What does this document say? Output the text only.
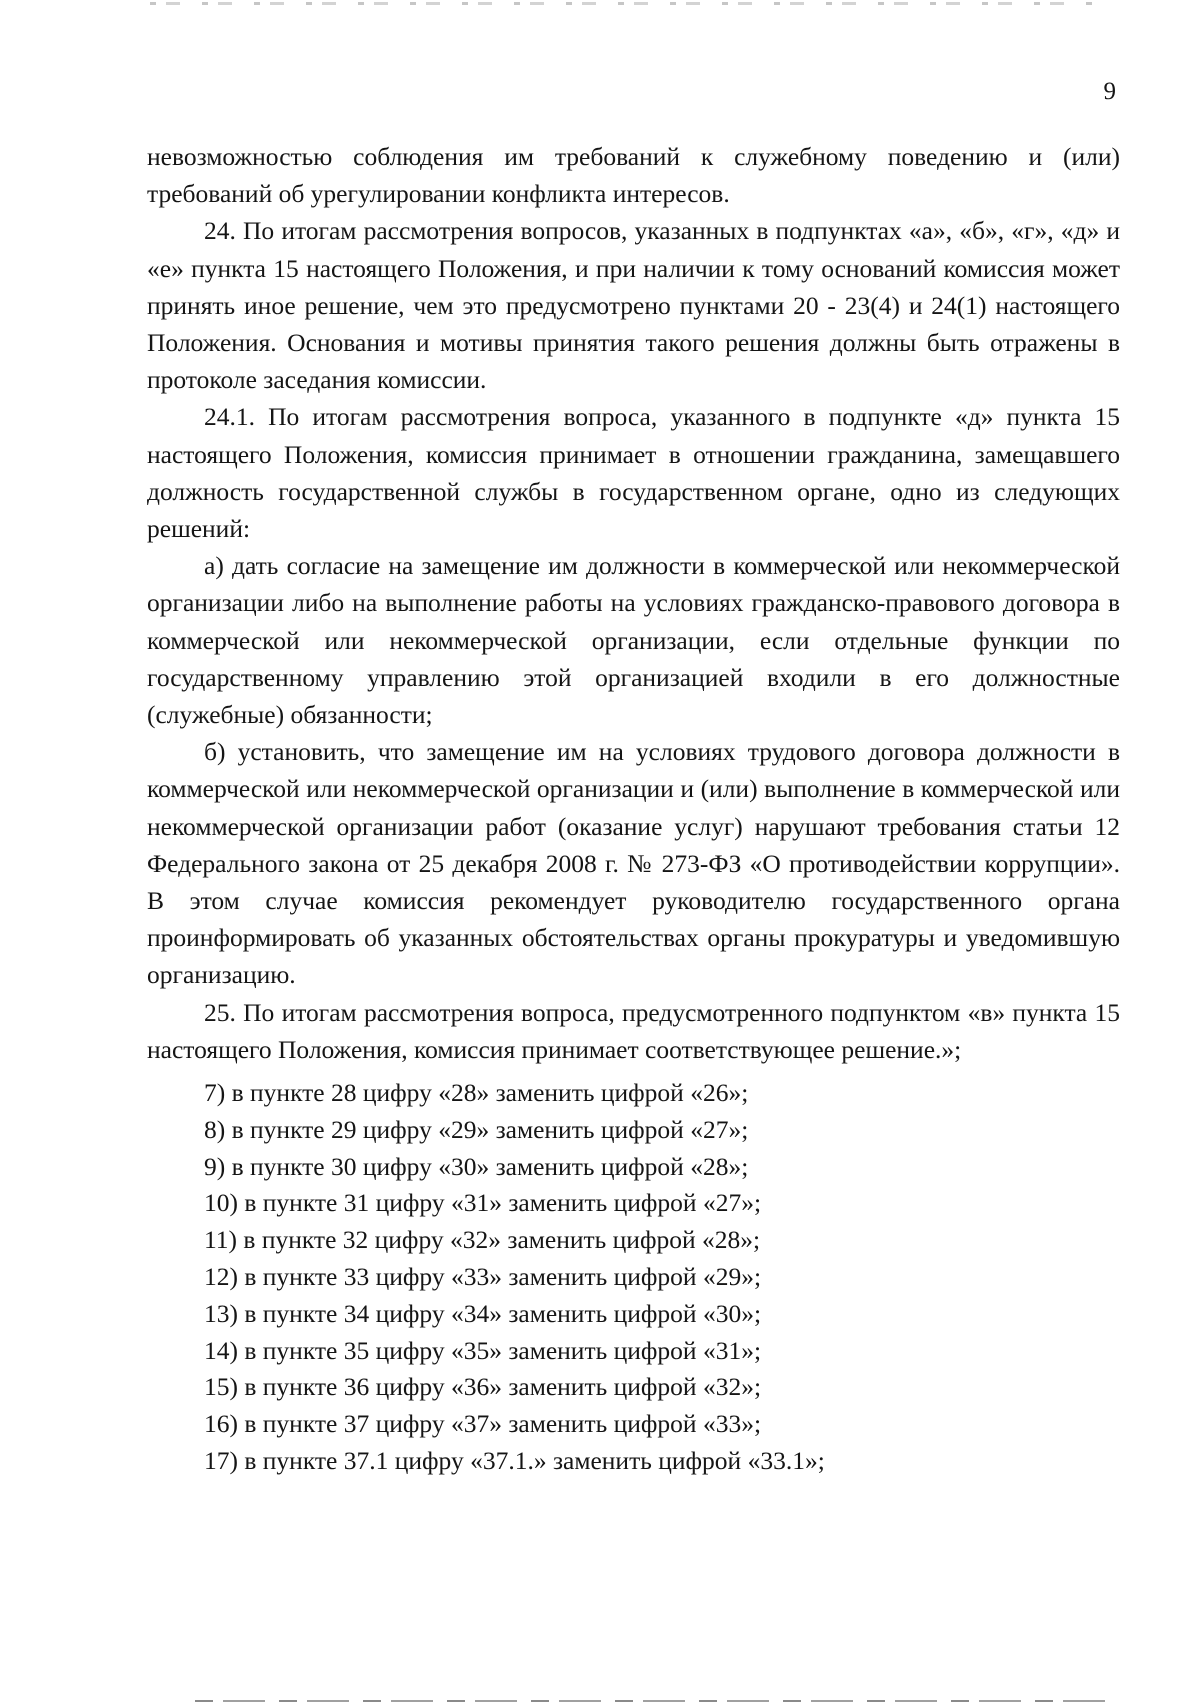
9

невозможностью соблюдения им требований к служебному поведению и (или) требований об урегулировании конфликта интересов.

24. По итогам рассмотрения вопросов, указанных в подпунктах «а», «б», «г», «д» и «е» пункта 15 настоящего Положения, и при наличии к тому оснований комиссия может принять иное решение, чем это предусмотрено пунктами 20 - 23(4) и 24(1) настоящего Положения. Основания и мотивы принятия такого решения должны быть отражены в протоколе заседания комиссии.

24.1. По итогам рассмотрения вопроса, указанного в подпункте «д» пункта 15 настоящего Положения, комиссия принимает в отношении гражданина, замещавшего должность государственной службы в государственном органе, одно из следующих решений:

а) дать согласие на замещение им должности в коммерческой или некоммерческой организации либо на выполнение работы на условиях гражданско-правового договора в коммерческой или некоммерческой организации, если отдельные функции по государственному управлению этой организацией входили в его должностные (служебные) обязанности;

б) установить, что замещение им на условиях трудового договора должности в коммерческой или некоммерческой организации и (или) выполнение в коммерческой или некоммерческой организации работ (оказание услуг) нарушают требования статьи 12 Федерального закона от 25 декабря 2008 г. № 273-ФЗ «О противодействии коррупции». В этом случае комиссия рекомендует руководителю государственного органа проинформировать об указанных обстоятельствах органы прокуратуры и уведомившую организацию.

25. По итогам рассмотрения вопроса, предусмотренного подпунктом «в» пункта 15 настоящего Положения, комиссия принимает соответствующее решение.»;

7) в пункте 28 цифру «28» заменить цифрой «26»;

8) в пункте 29 цифру «29» заменить цифрой «27»;

9) в пункте 30 цифру «30» заменить цифрой «28»;

10) в пункте 31 цифру «31» заменить цифрой «27»;

11) в пункте 32 цифру «32» заменить цифрой «28»;

12) в пункте 33 цифру «33» заменить цифрой «29»;

13) в пункте 34 цифру «34» заменить цифрой «30»;

14) в пункте 35 цифру «35» заменить цифрой «31»;

15) в пункте 36 цифру «36» заменить цифрой «32»;

16) в пункте 37 цифру «37» заменить цифрой «33»;

17) в пункте 37.1 цифру «37.1.» заменить цифрой «33.1»;
